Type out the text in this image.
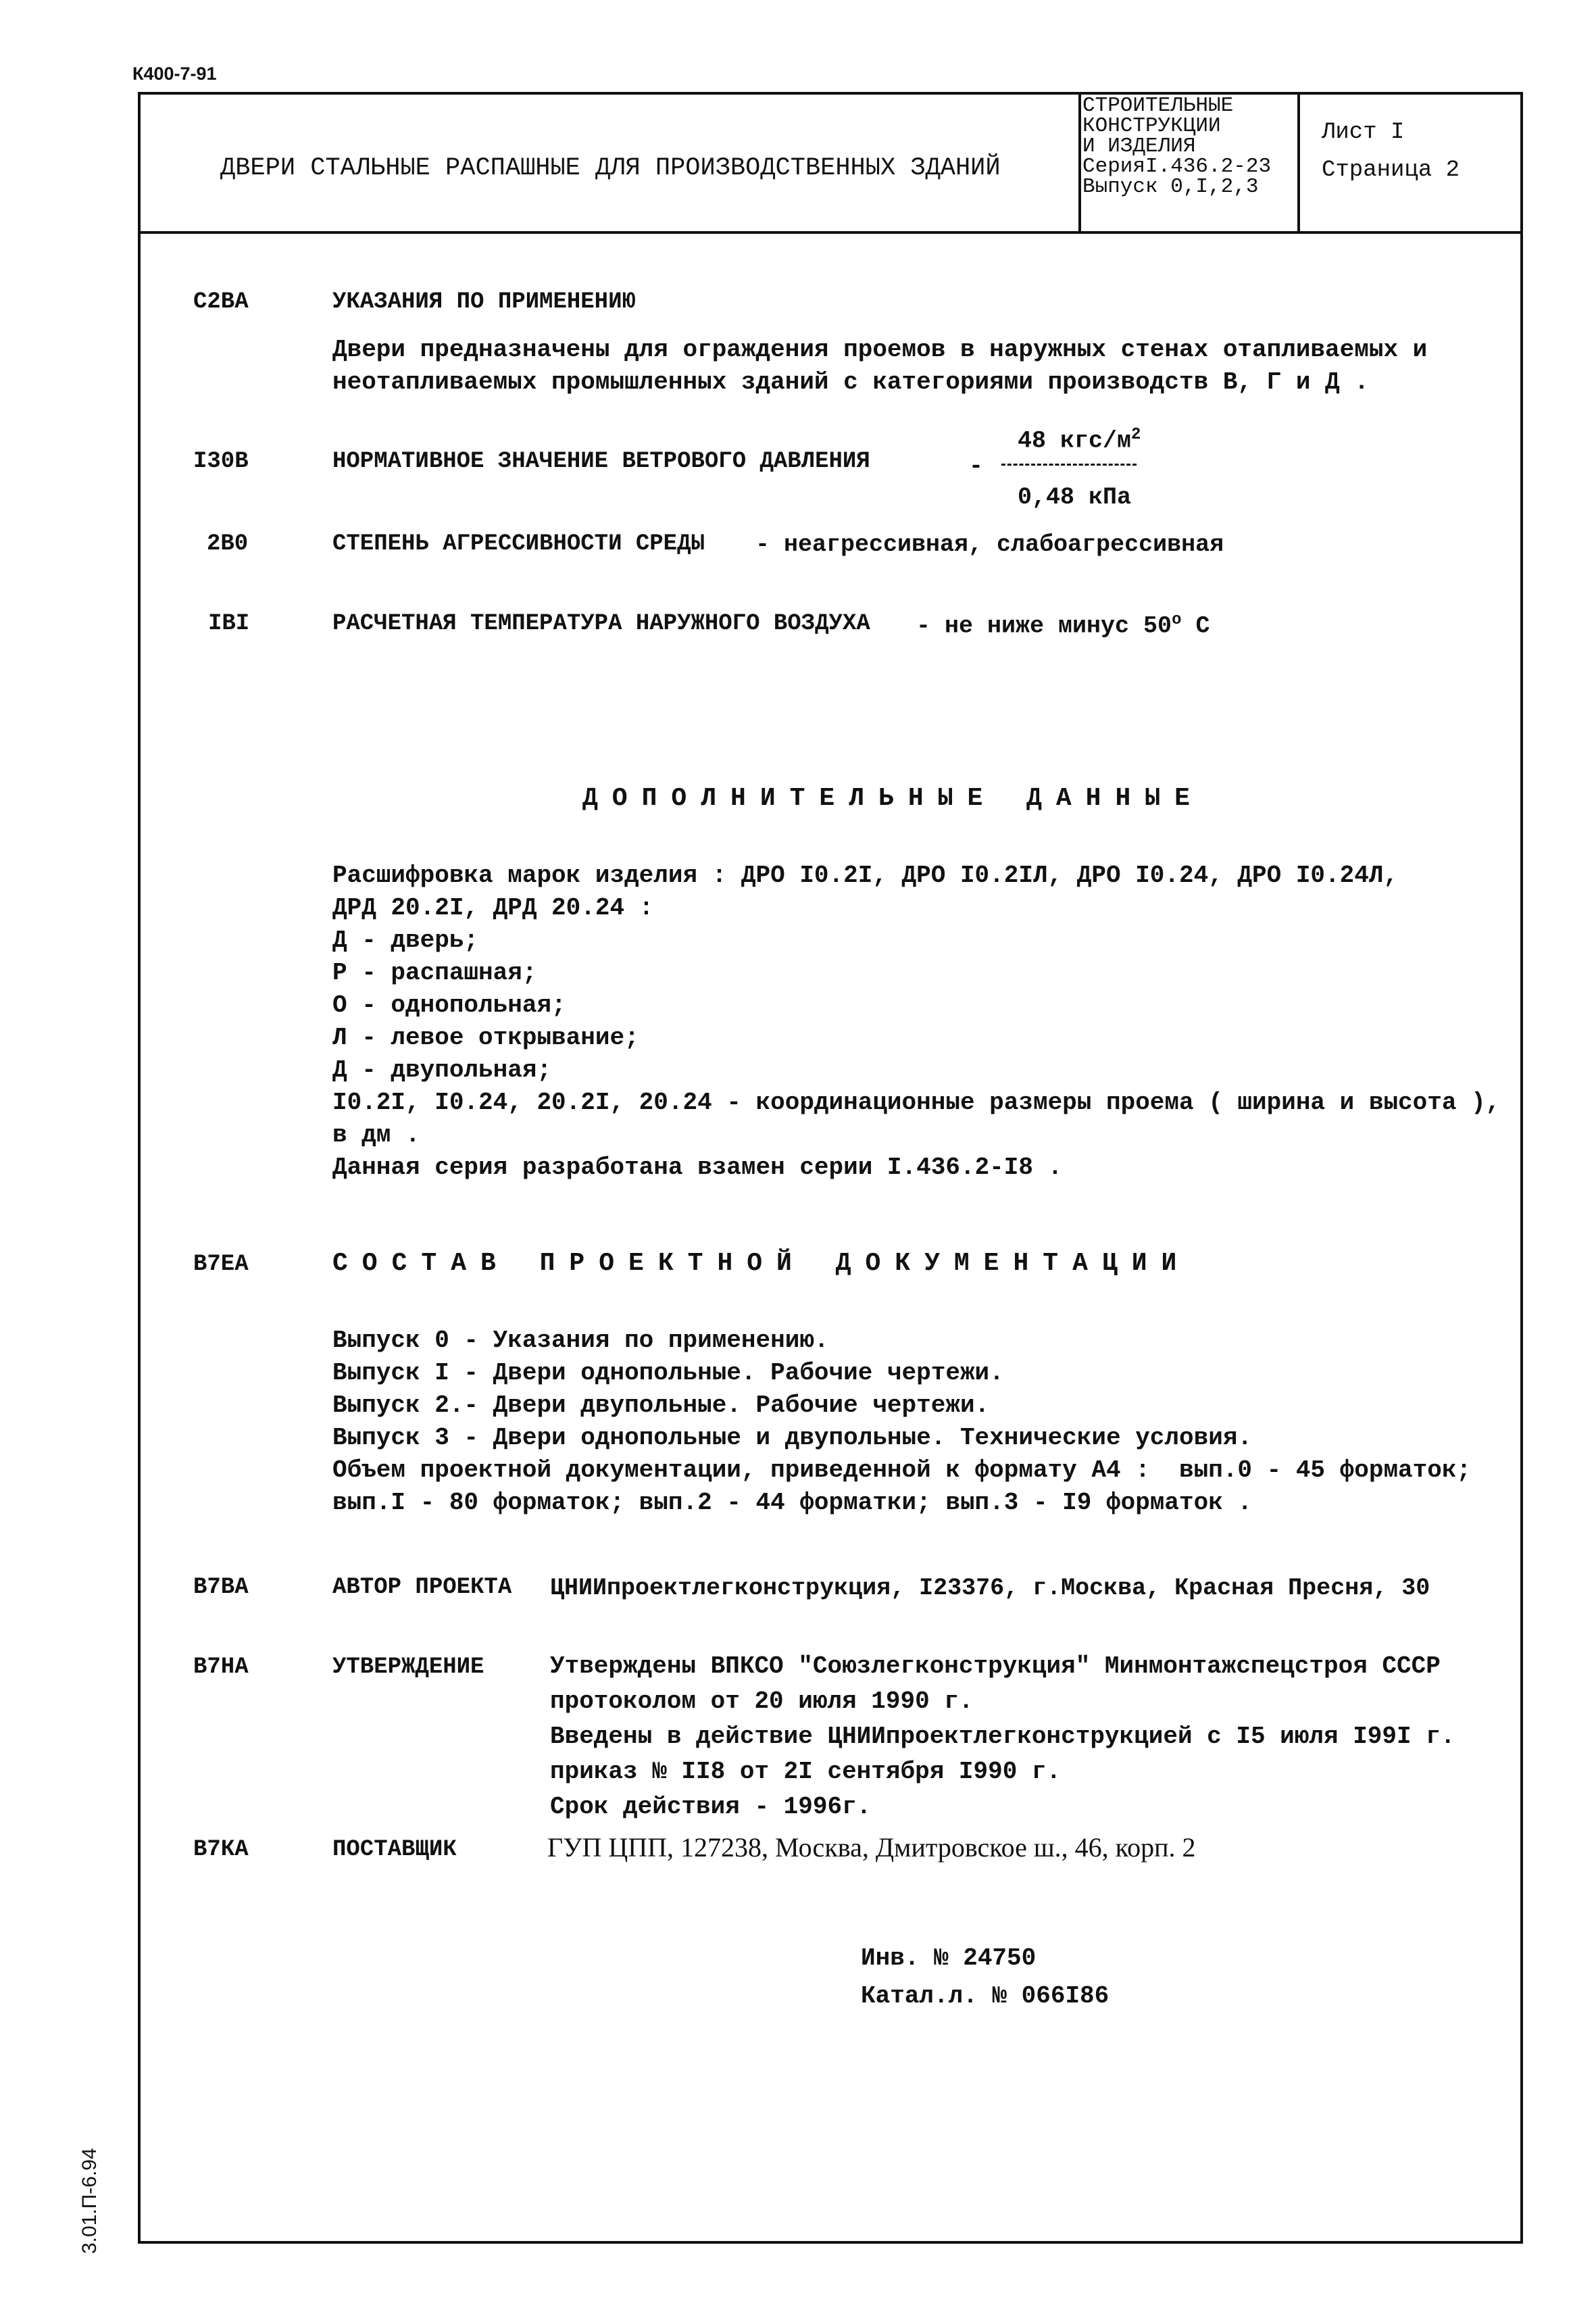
К400-7-91
ДВЕРИ СТАЛЬНЫЕ РАСПАШНЫЕ ДЛЯ ПРОИЗВОДСТВЕННЫХ ЗДАНИЙ
СТРОИТЕЛЬНЫЕ
КОНСТРУКЦИИ
И ИЗДЕЛИЯ
СерияI.436.2-23
Выпуск 0,I,2,3
Лист I
Страница 2
С2ВА	УКАЗАНИЯ ПО ПРИМЕНЕНИЮ
Двери предназначены для ограждения проемов в наружных стенах отапливаемых и
неотапливаемых промышленных зданий с категориями производств В, Г и Д .
I30В	НОРМАТИВНОЕ ЗНАЧЕНИЕ ВЕТРОВОГО ДАВЛЕНИЯ	-
48 кгс/$м^2$
0,48 кПа
2В0	СТЕПЕНЬ АГРЕССИВНОСТИ СРЕДЫ - неагрессивная, слабоагрессивная
IВI	РАСЧЕТНАЯ ТЕМПЕРАТУРА НАРУЖНОГО ВОЗДУХА - не ниже минус 50$^o$ С
ДОПОЛНИТЕЛЬНЫЕ ДАННЫЕ
Расшифровка марок изделия : ДРО I0.2I, ДРО I0.2IЛ, ДРО I0.24, ДРО I0.24Л,
ДРД 20.2I, ДРД 20.24 :
Д - дверь;
Р - распашная;
О - однопольная;
Л - левое открывание;
Д - двупольная;
I0.2I, I0.24, 20.2I, 20.24 - координационные размеры проема ( ширина и высота ),
в дм .
Данная серия разработана взамен серии I.436.2-I8 .
В7ЕА	СОСТАВ ПРОЕКТНОЙ ДОКУМЕНТАЦИИ
Выпуск 0 - Указания по применению.
Выпуск I - Двери однопольные. Рабочие чертежи.
Выпуск 2.- Двери двупольные. Рабочие чертежи.
Выпуск 3 - Двери однопольные и двупольные. Технические условия.
Объем проектной документации, приведенной к формату А4 :  вып.0 - 45 форматок;
вып.I - 80 форматок; вып.2 - 44 форматки; вып.3 - I9 форматок .
В7ВА	АВТОР ПРОЕКТА ЦНИИпроектлегконструкция, I23376, г.Москва, Красная Пресня, 30
В7НА	УТВЕРЖДЕНИЕ	Утверждены ВПКСО "Союзлегконструкция" Минмонтажспецстроя СССР
протоколом от 20 июля 1990 г.
Введены в действие ЦНИИпроектлегконструкцией с I5 июля I99I г.
приказ № II8 от 2I сентября I990 г.
Срок действия - 1996г.
В7КА	ПОСТАВЩИК	ГУП ЦПП, 127238, Москва, Дмитровское ш., 46, корп. 2
Инв. № 24750
Катал.л. № 066I86
3.01.П-6.94
